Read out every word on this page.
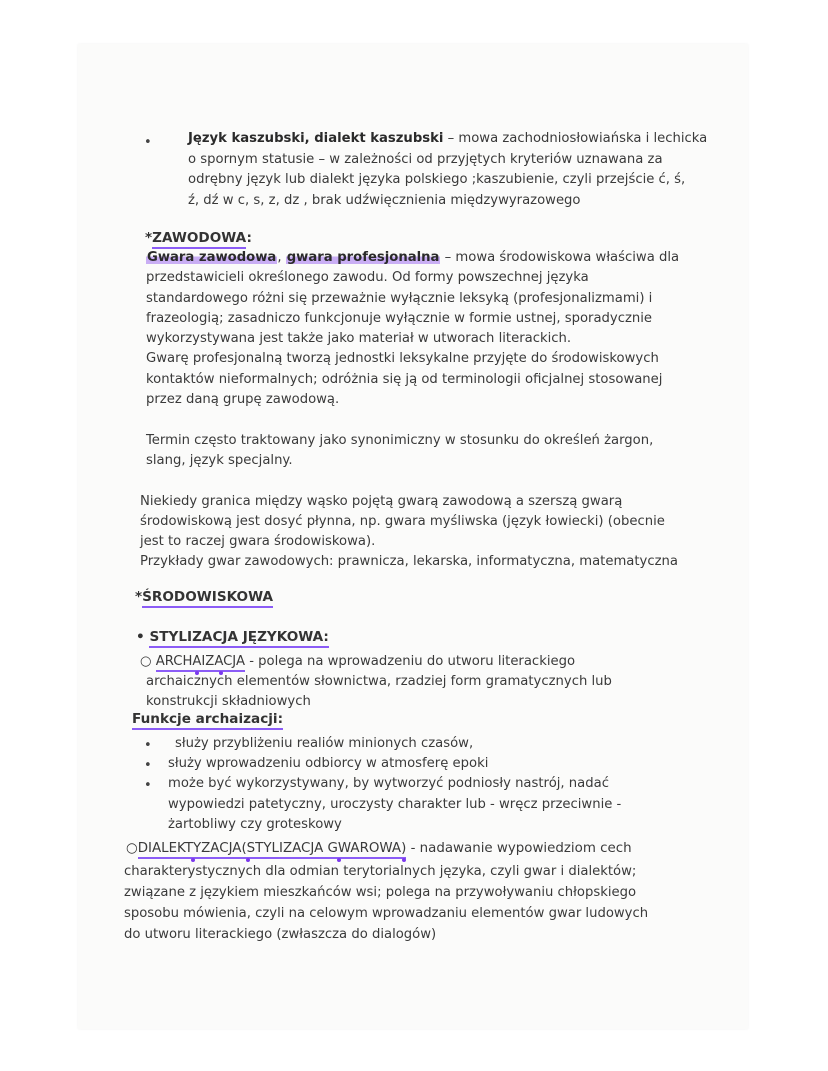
•	Język kaszubski, dialekt kaszubski – mowa zachodniosłowiańska i lechicka
o spornym statusie – w zależności od przyjętych kryteriów uznawana za
odrębny język lub dialekt języka polskiego ;kaszubienie, czyli przejście ć, ś,
ź, dź w c, s, z, dz , brak udźwięcznienia międzywyrazowego
*ZAWODOWA:
Gwara zawodowa, gwara profesjonalna – mowa środowiskowa właściwa dla
przedstawicieli określonego zawodu. Od formy powszechnej języka
standardowego różni się przeważnie wyłącznie leksyką (profesjonalizmami) i
frazeologią; zasadniczo funkcjonuje wyłącznie w formie ustnej, sporadycznie
wykorzystywana jest także jako materiał w utworach literackich.
Gwarę profesjonalną tworzą jednostki leksykalne przyjęte do środowiskowych
kontaktów nieformalnych; odróżnia się ją od terminologii oficjalnej stosowanej
przez daną grupę zawodową.
Termin często traktowany jako synonimiczny w stosunku do określeń żargon,
slang, język specjalny.
Niekiedy granica między wąsko pojętą gwarą zawodową a szerszą gwarą
środowiskową jest dosyć płynna, np. gwara myśliwska (język łowiecki) (obecnie
jest to raczej gwara środowiskowa).
Przykłady gwar zawodowych: prawnicza, lekarska, informatyczna, matematyczna
*ŚRODOWISKOWA
• STYLIZACJA JĘZYKOWA:
○ ARCHAIZACJA - polega na wprowadzeniu do utworu literackiego
archaicznych elementów słownictwa, rzadziej form gramatycznych lub
konstrukcji składniowych
Funkcje archaizacji:
• służy przybliżeniu realiów minionych czasów,
• służy wprowadzeniu odbiorcy w atmosferę epoki
• może być wykorzystywany, by wytworzyć podniosły nastrój, nadać
wypowiedzi patetyczny, uroczysty charakter lub - wręcz przeciwnie -
żartobliwy czy groteskowy
○DIALEKTYZACJA(STYLIZACJA GWAROWA) - nadawanie wypowiedziom cech
charakterystycznych dla odmian terytorialnych języka, czyli gwar i dialektów;
związane z językiem mieszkańców wsi; polega na przywoływaniu chłopskiego
sposobu mówienia, czyli na celowym wprowadzaniu elementów gwar ludowych
do utworu literackiego (zwłaszcza do dialogów)
